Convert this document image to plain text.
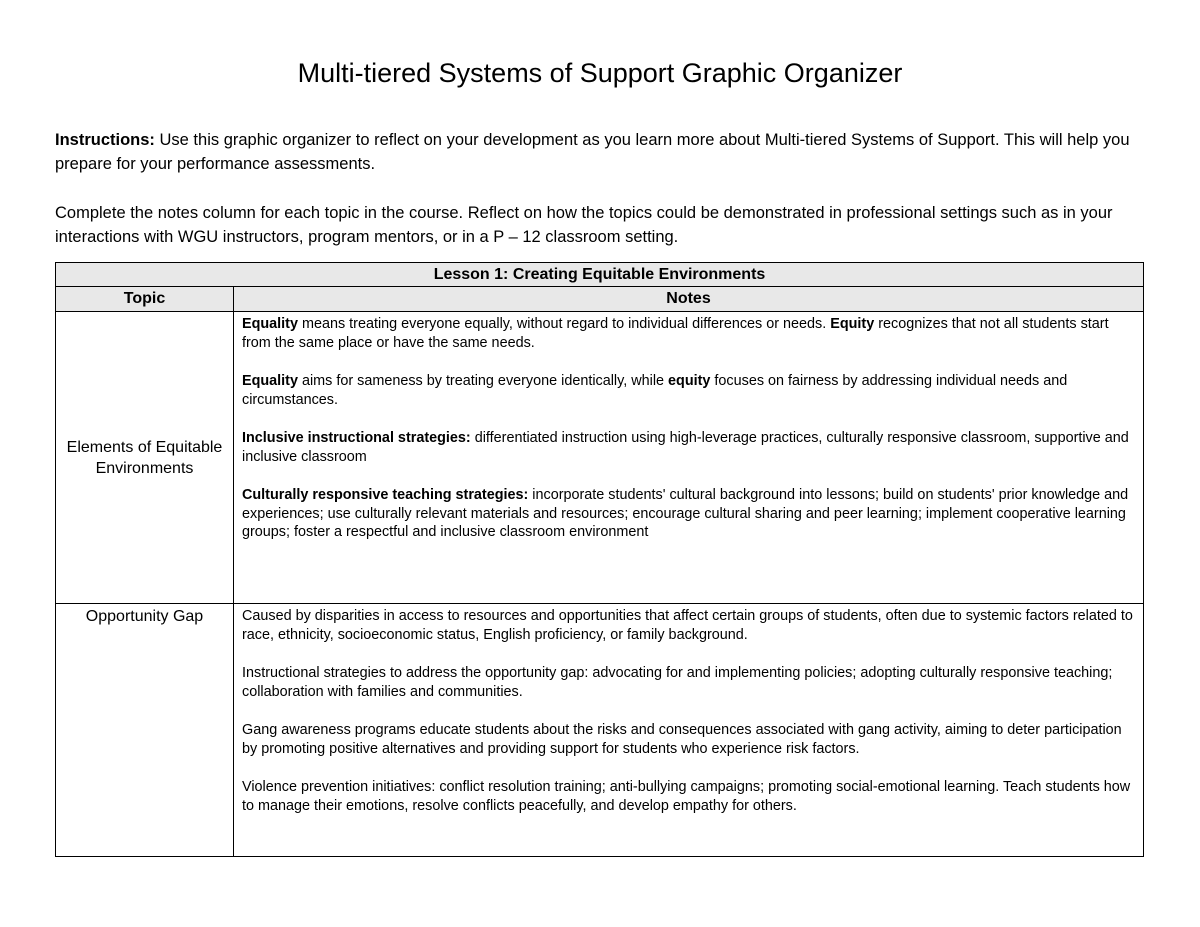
Multi-tiered Systems of Support Graphic Organizer
Instructions: Use this graphic organizer to reflect on your development as you learn more about Multi-tiered Systems of Support. This will help you prepare for your performance assessments.
Complete the notes column for each topic in the course. Reflect on how the topics could be demonstrated in professional settings such as in your interactions with WGU instructors, program mentors, or in a P – 12 classroom setting.
Lesson 1: Creating Equitable Environments	
Topic	Notes
Elements of Equitable Environments	Equality means treating everyone equally, without regard to individual differences or needs. Equity recognizes that not all students start from the same place or have the same needs.

Equality aims for sameness by treating everyone identically, while equity focuses on fairness by addressing individual needs and circumstances.

Inclusive instructional strategies: differentiated instruction using high-leverage practices, culturally responsive classroom, supportive and inclusive classroom

Culturally responsive teaching strategies: incorporate students' cultural background into lessons; build on students' prior knowledge and experiences; use culturally relevant materials and resources; encourage cultural sharing and peer learning; implement cooperative learning groups; foster a respectful and inclusive classroom environment

Opportunity Gap	Caused by disparities in access to resources and opportunities that affect certain groups of students, often due to systemic factors related to race, ethnicity, socioeconomic status, English proficiency, or family background.

Instructional strategies to address the opportunity gap: advocating for and implementing policies; adopting culturally responsive teaching; collaboration with families and communities.

Gang awareness programs educate students about the risks and consequences associated with gang activity, aiming to deter participation by promoting positive alternatives and providing support for students who experience risk factors.

Violence prevention initiatives: conflict resolution training; anti-bullying campaigns; promoting social-emotional learning. Teach students how to manage their emotions, resolve conflicts peacefully, and develop empathy for others.
